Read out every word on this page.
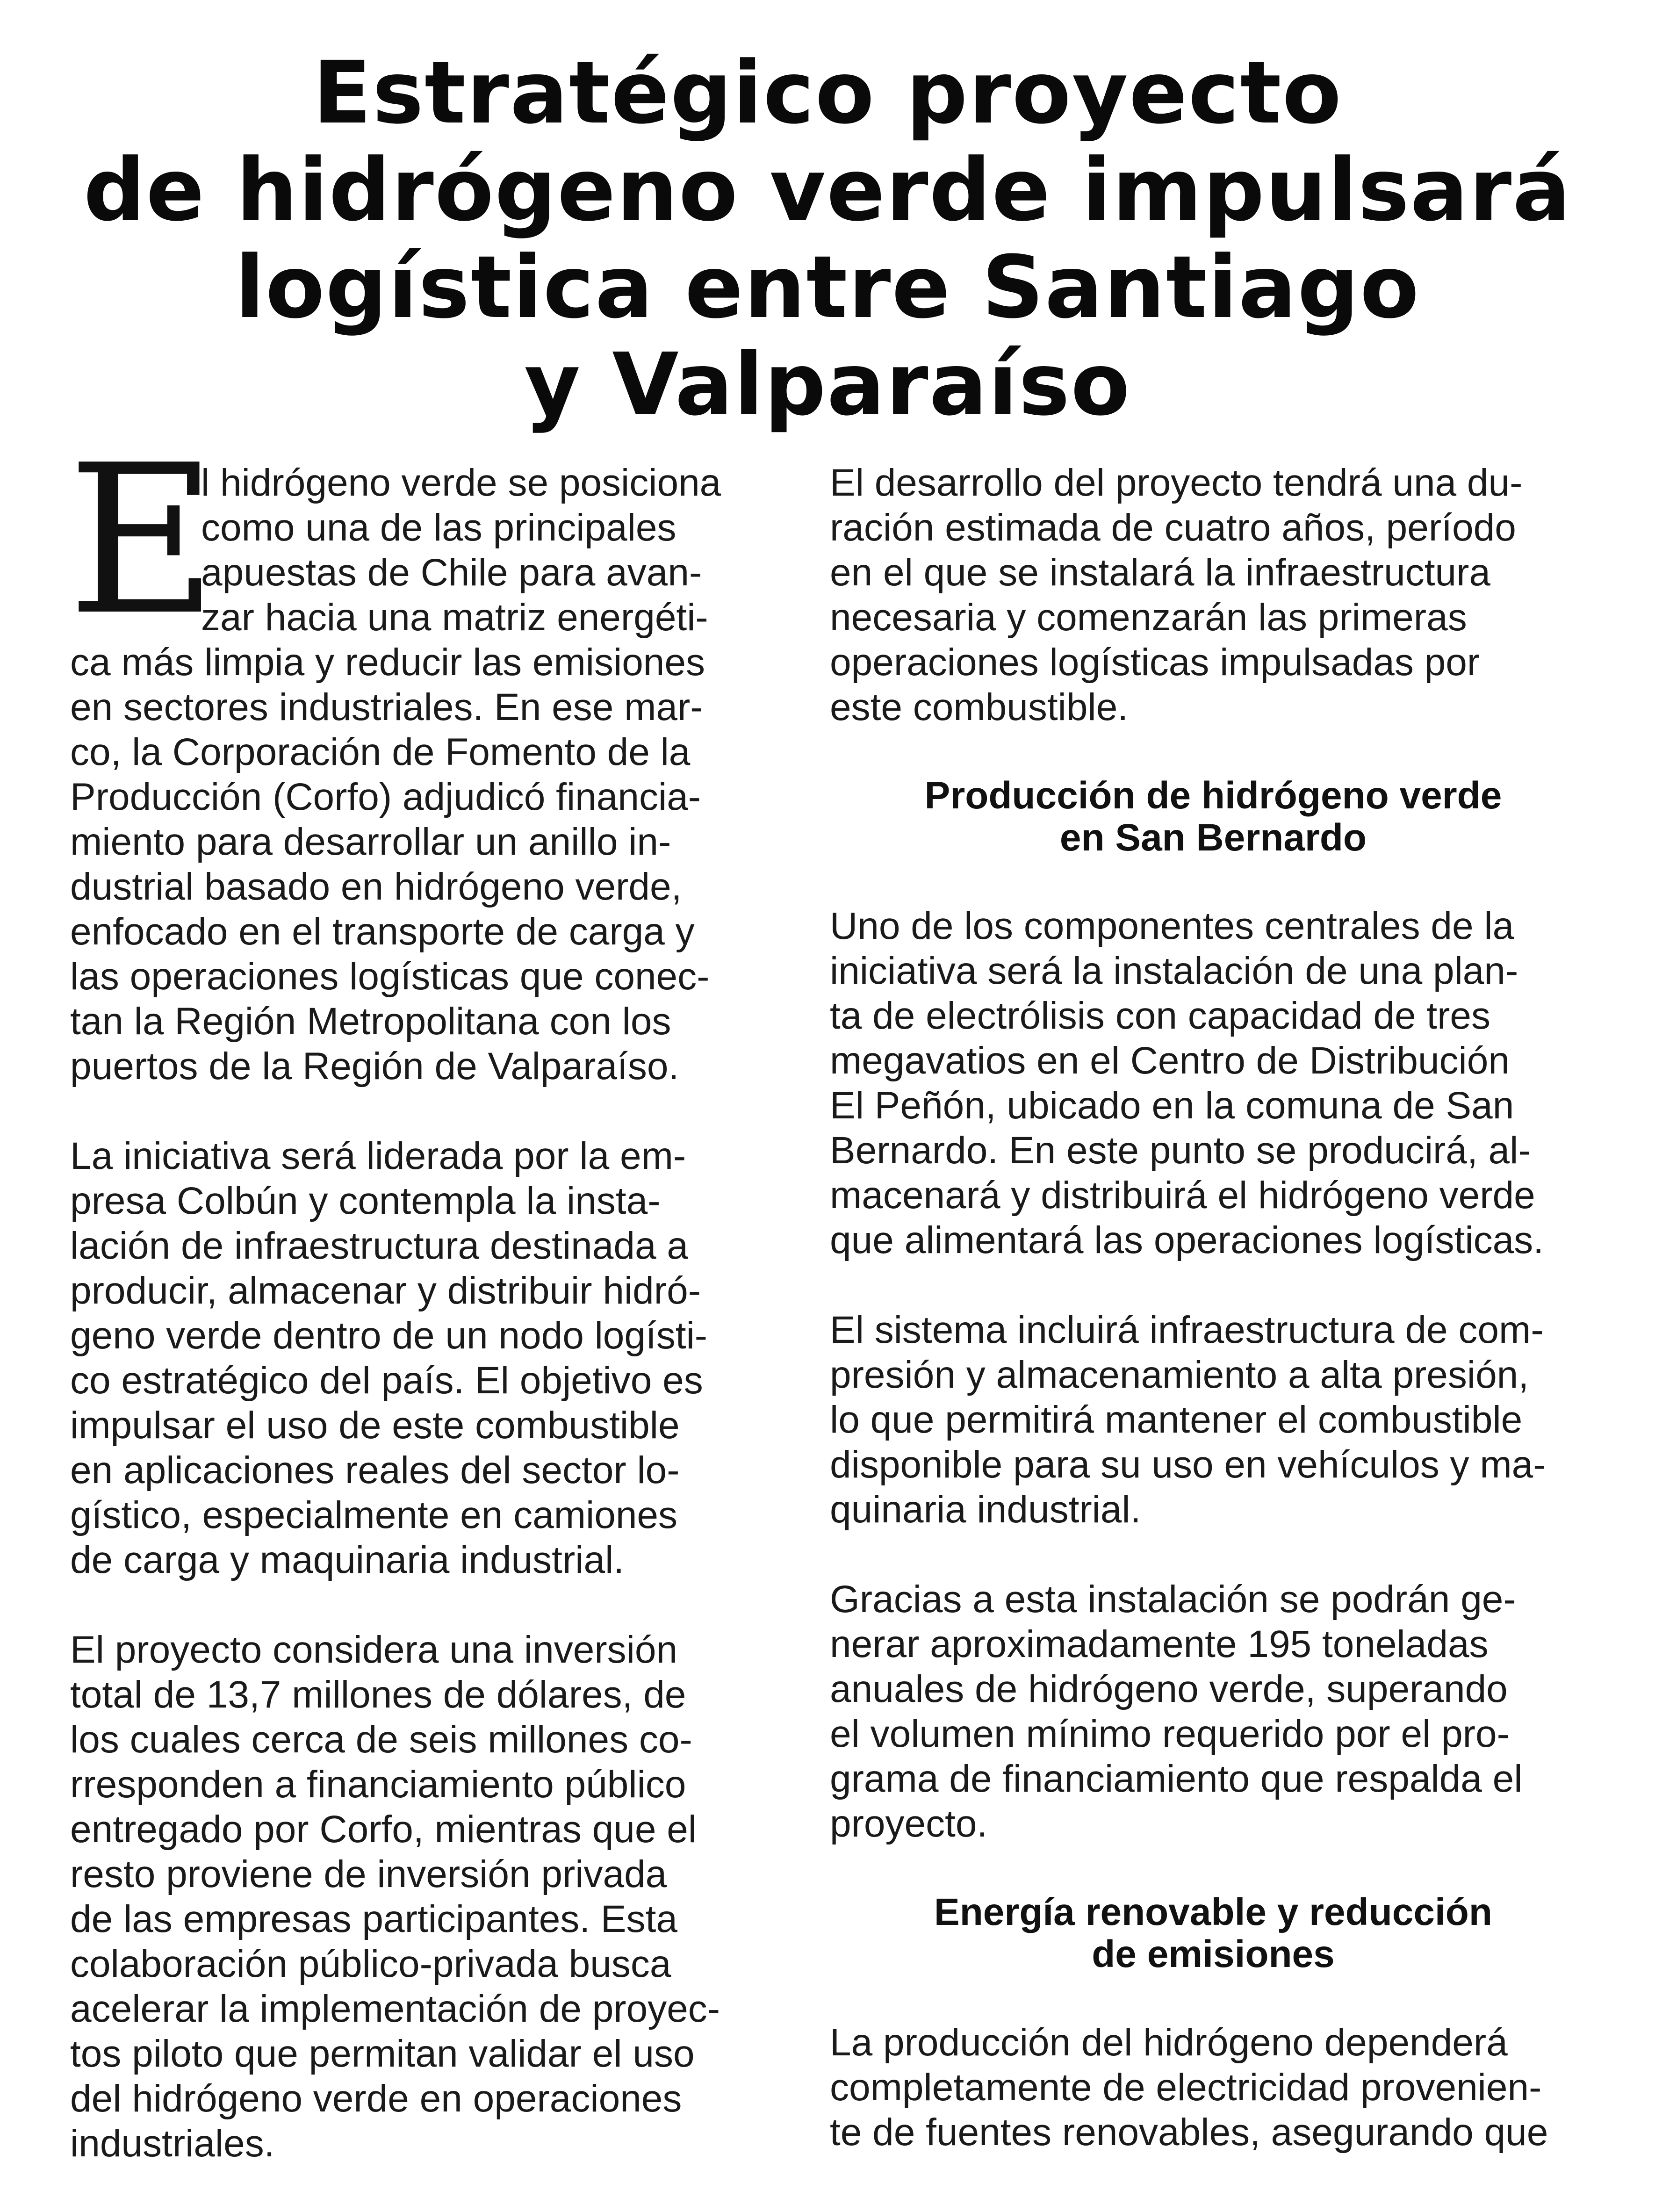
Estratégico proyecto
de hidrógeno verde impulsará
logística entre Santiago
y Valparaíso
E

l hidrógeno verde se posiciona
como una de las principales
apuestas de Chile para avan-
zar hacia una matriz energéti-
ca más limpia y reducir las emisiones
en sectores industriales. En ese mar-
co, la Corporación de Fomento de la
Producción (Corfo) adjudicó financia-
miento para desarrollar un anillo in-
dustrial basado en hidrógeno verde,
enfocado en el transporte de carga y
las operaciones logísticas que conec-
tan la Región Metropolitana con los
puertos de la Región de Valparaíso.

La iniciativa será liderada por la em-
presa Colbún y contempla la insta-
lación de infraestructura destinada a
producir, almacenar y distribuir hidró-
geno verde dentro de un nodo logísti-
co estratégico del país. El objetivo es
impulsar el uso de este combustible
en aplicaciones reales del sector lo-
gístico, especialmente en camiones
de carga y maquinaria industrial.

El proyecto considera una inversión
total de 13,7 millones de dólares, de
los cuales cerca de seis millones co-
rresponden a financiamiento público
entregado por Corfo, mientras que el
resto proviene de inversión privada
de las empresas participantes. Esta
colaboración público-privada busca
acelerar la implementación de proyec-
tos piloto que permitan validar el uso
del hidrógeno verde en operaciones
industriales.

El desarrollo del proyecto tendrá una du-
ración estimada de cuatro años, período
en el que se instalará la infraestructura
necesaria y comenzarán las primeras
operaciones logísticas impulsadas por
este combustible.

Producción de hidrógeno verde
en San Bernardo

Uno de los componentes centrales de la
iniciativa será la instalación de una plan-
ta de electrólisis con capacidad de tres
megavatios en el Centro de Distribución
El Peñón, ubicado en la comuna de San
Bernardo. En este punto se producirá, al-
macenará y distribuirá el hidrógeno verde
que alimentará las operaciones logísticas.

El sistema incluirá infraestructura de com-
presión y almacenamiento a alta presión,
lo que permitirá mantener el combustible
disponible para su uso en vehículos y ma-
quinaria industrial.

Gracias a esta instalación se podrán ge-
nerar aproximadamente 195 toneladas
anuales de hidrógeno verde, superando
el volumen mínimo requerido por el pro-
grama de financiamiento que respalda el
proyecto.

Energía renovable y reducción
de emisiones

La producción del hidrógeno dependerá
completamente de electricidad provenien-
te de fuentes renovables, asegurando que
